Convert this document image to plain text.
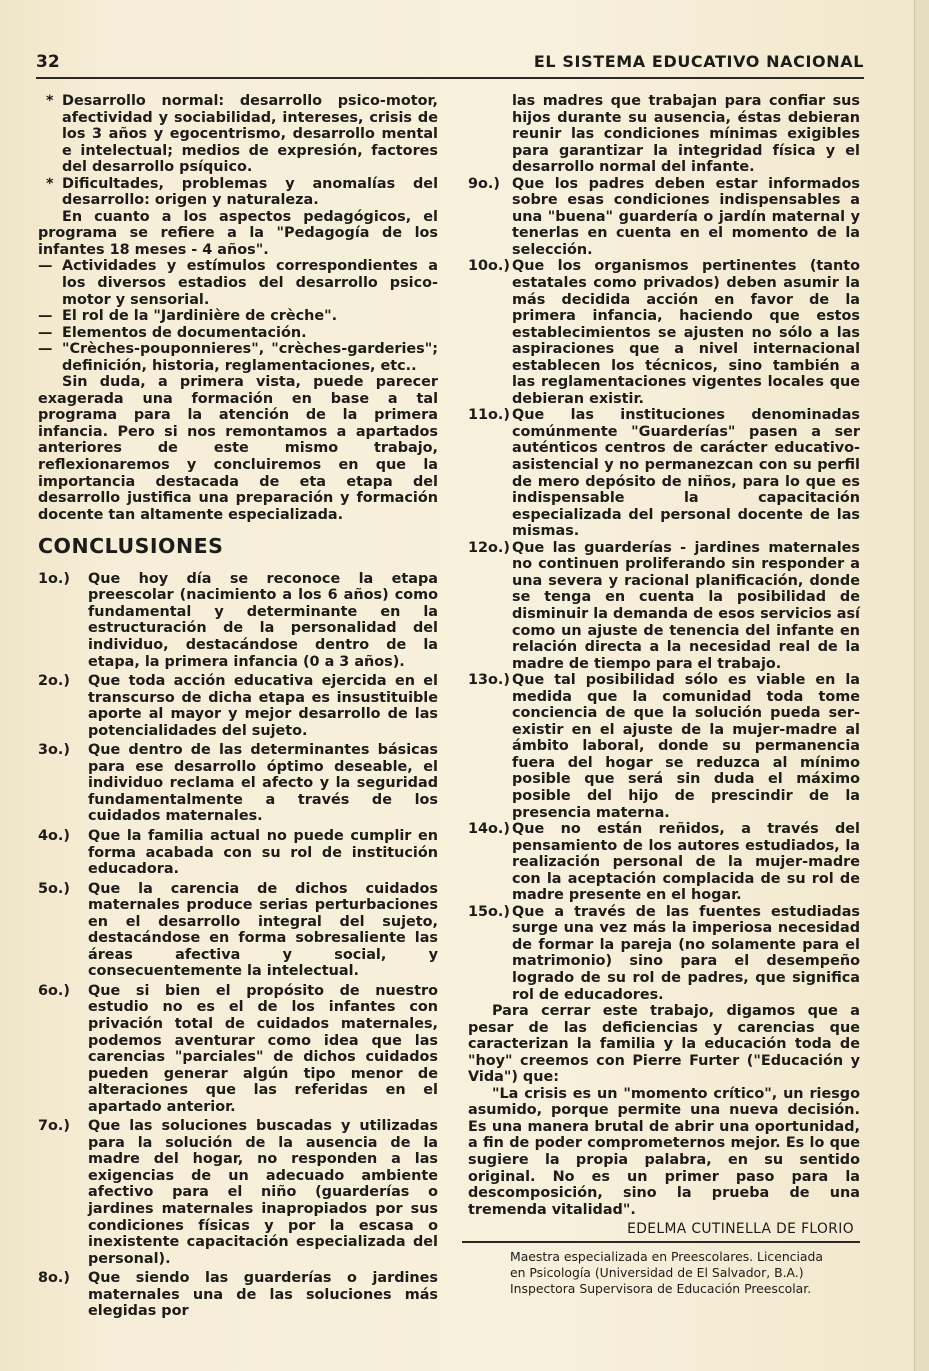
32	EL SISTEMA EDUCATIVO NACIONAL
* Desarrollo normal: desarrollo psico-motor, afectividad y sociabilidad, intereses, crisis de los 3 años y egocentrismo, desarrollo mental e intelectual; medios de expresión, factores del desarrollo psíquico.
* Dificultades, problemas y anomalías del desarrollo: origen y naturaleza.

En cuanto a los aspectos pedagógicos, el programa se refiere a la "Pedagogía de los infantes 18 meses - 4 años".

— Actividades y estímulos correspondientes a los diversos estadios del desarrollo psico-motor y sensorial.
— El rol de la "Jardinière de crèche".
— Elementos de documentación.
— "Crèches-pouponnieres", "crèches-garderies"; definición, historia, reglamentaciones, etc..

Sin duda, a primera vista, puede parecer exagerada una formación en base a tal programa para la atención de la primera infancia. Pero si nos remontamos a apartados anteriores de este mismo trabajo, reflexionaremos y concluiremos en que la importancia destacada de eta etapa del desarrollo justifica una preparación y formación docente tan altamente especializada.

CONCLUSIONES
1o.) Que hoy día se reconoce la etapa preescolar (nacimiento a los 6 años) como fundamental y determinante en la estructuración de la personalidad del individuo, destacándose dentro de la etapa, la primera infancia (0 a 3 años).
2o.) Que toda acción educativa ejercida en el transcurso de dicha etapa es insustituible aporte al mayor y mejor desarrollo de las potencialidades del sujeto.
3o.) Que dentro de las determinantes básicas para ese desarrollo óptimo deseable, el individuo reclama el afecto y la seguridad fundamentalmente a través de los cuidados maternales.
4o.) Que la familia actual no puede cumplir en forma acabada con su rol de institución educadora.
5o.) Que la carencia de dichos cuidados maternales produce serias perturbaciones en el desarrollo integral del sujeto, destacándose en forma sobresaliente las áreas afectiva y social, y consecuentemente la intelectual.
6o.) Que si bien el propósito de nuestro estudio no es el de los infantes con privación total de cuidados maternales, podemos aventurar como idea que las carencias "parciales" de dichos cuidados pueden generar algún tipo menor de alteraciones que las referidas en el apartado anterior.
7o.) Que las soluciones buscadas y utilizadas para la solución de la ausencia de la madre del hogar, no responden a las exigencias de un adecuado ambiente afectivo para el niño (guarderías o jardines maternales inapropiados por sus condiciones físicas y por la escasa o inexistente capacitación especializada del personal).
8o.) Que siendo las guarderías o jardines maternales una de las soluciones más elegidas por

las madres que trabajan para confiar sus hijos durante su ausencia, éstas debieran reunir las condiciones mínimas exigibles para garantizar la integridad física y el desarrollo normal del infante.

9o.) Que los padres deben estar informados sobre esas condiciones indispensables a una "buena" guardería o jardín maternal y tenerlas en cuenta en el momento de la selección.
10o.) Que los organismos pertinentes (tanto estatales como privados) deben asumir la más decidida acción en favor de la primera infancia, haciendo que estos establecimientos se ajusten no sólo a las aspiraciones que a nivel internacional establecen los técnicos, sino también a las reglamentaciones vigentes locales que debieran existir.
11o.) Que las instituciones denominadas comúnmente "Guarderías" pasen a ser auténticos centros de carácter educativo-asistencial y no permanezcan con su perfil de mero depósito de niños, para lo que es indispensable la capacitación especializada del personal docente de las mismas.
12o.) Que las guarderías - jardines maternales no continuen proliferando sin responder a una severa y racional planificación, donde se tenga en cuenta la posibilidad de disminuir la demanda de esos servicios así como un ajuste de tenencia del infante en relación directa a la necesidad real de la madre de tiempo para el trabajo.
13o.) Que tal posibilidad sólo es viable en la medida que la comunidad toda tome conciencia de que la solución pueda ser-existir en el ajuste de la mujer-madre al ámbito laboral, donde su permanencia fuera del hogar se reduzca al mínimo posible que será sin duda el máximo posible del hijo de prescindir de la presencia materna.
14o.) Que no están reñidos, a través del pensamiento de los autores estudiados, la realización personal de la mujer-madre con la aceptación complacida de su rol de madre presente en el hogar.
15o.) Que a través de las fuentes estudiadas surge una vez más la imperiosa necesidad de formar la pareja (no solamente para el matrimonio) sino para el desempeño logrado de su rol de padres, que significa rol de educadores.

Para cerrar este trabajo, digamos que a pesar de las deficiencias y carencias que caracterizan la familia y la educación toda de "hoy" creemos con Pierre Furter ("Educación y Vida") que:

"La crisis es un "momento crítico", un riesgo asumido, porque permite una nueva decisión. Es una manera brutal de abrir una oportunidad, a fin de poder comprometernos mejor. Es lo que sugiere la propia palabra, en su sentido original. No es un primer paso para la descomposición, sino la prueba de una tremenda vitalidad".

EDELMA CUTINELLA DE FLORIO
Maestra especializada en Preescolares. Licenciada
en Psicología (Universidad de El Salvador, B.A.)
Inspectora Supervisora de Educación Preescolar.
